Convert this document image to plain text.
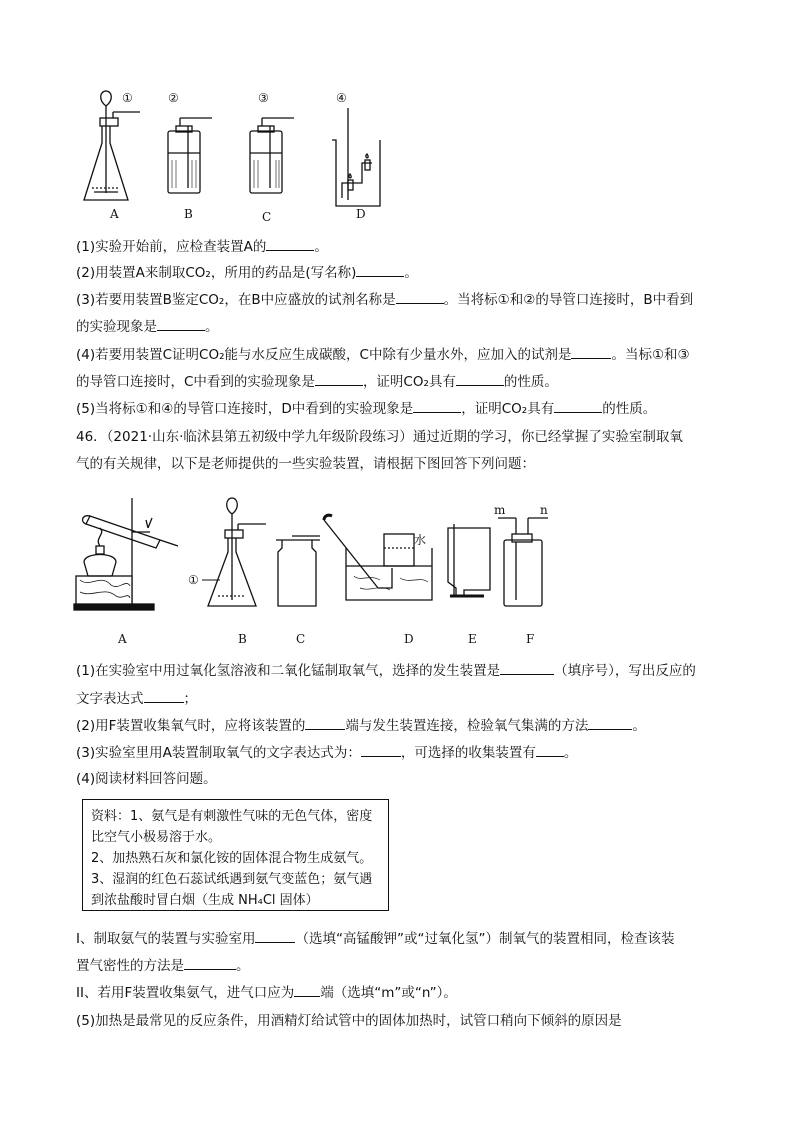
①	②	③	④
A	B	C	D
(1)实验开始前，应检查装置A的	。
(2)用装置A来制取CO₂，所用的药品是(写名称)	。
(3)若要用装置B鉴定CO₂，在B中应盛放的试剂名称是	。当将标①和②的导管口连接时，B中看到
的实验现象是	。
(4)若要用装置C证明CO₂能与水反应生成碳酸，C中除有少量水外，应加入的试剂是	。当标①和③
的导管口连接时，C中看到的实验现象是	，证明CO₂具有	的性质。
(5)当将标①和④的导管口连接时，D中看到的实验现象是	，证明CO₂具有	的性质。
46．（2021·山东·临沭县第五初级中学九年级阶段练习）通过近期的学习，你已经掌握了实验室制取氧
气的有关规律，以下是老师提供的一些实验装置，请根据下图回答下列问题：
①
水
m	n
A	B	C	D	E	F
(1)在实验室中用过氧化氢溶液和二氧化锰制取氧气，选择的发生装置是	（填序号），写出反应的
文字表达式	；
(2)用F装置收集氧气时，应将该装置的	端与发生装置连接，检验氧气集满的方法	。
(3)实验室里用A装置制取氧气的文字表达式为：	，可选择的收集装置有 。
(4)阅读材料回答问题。
资料：1、氨气是有刺激性气味的无色气体，密度
比空气小极易溶于水。
2、加热熟石灰和氯化铵的固体混合物生成氨气。
3、湿润的红色石蕊试纸遇到氨气变蓝色；氨气遇
到浓盐酸时冒白烟（生成 NH₄Cl 固体）
I、制取氨气的装置与实验室用	（选填“高锰酸钾”或“过氧化氢”）制氧气的装置相同，检查该装
置气密性的方法是	。
II、若用F装置收集氨气，进气口应为 端（选填“m”或“n”）。
(5)加热是最常见的反应条件，用酒精灯给试管中的固体加热时，试管口稍向下倾斜的原因是
